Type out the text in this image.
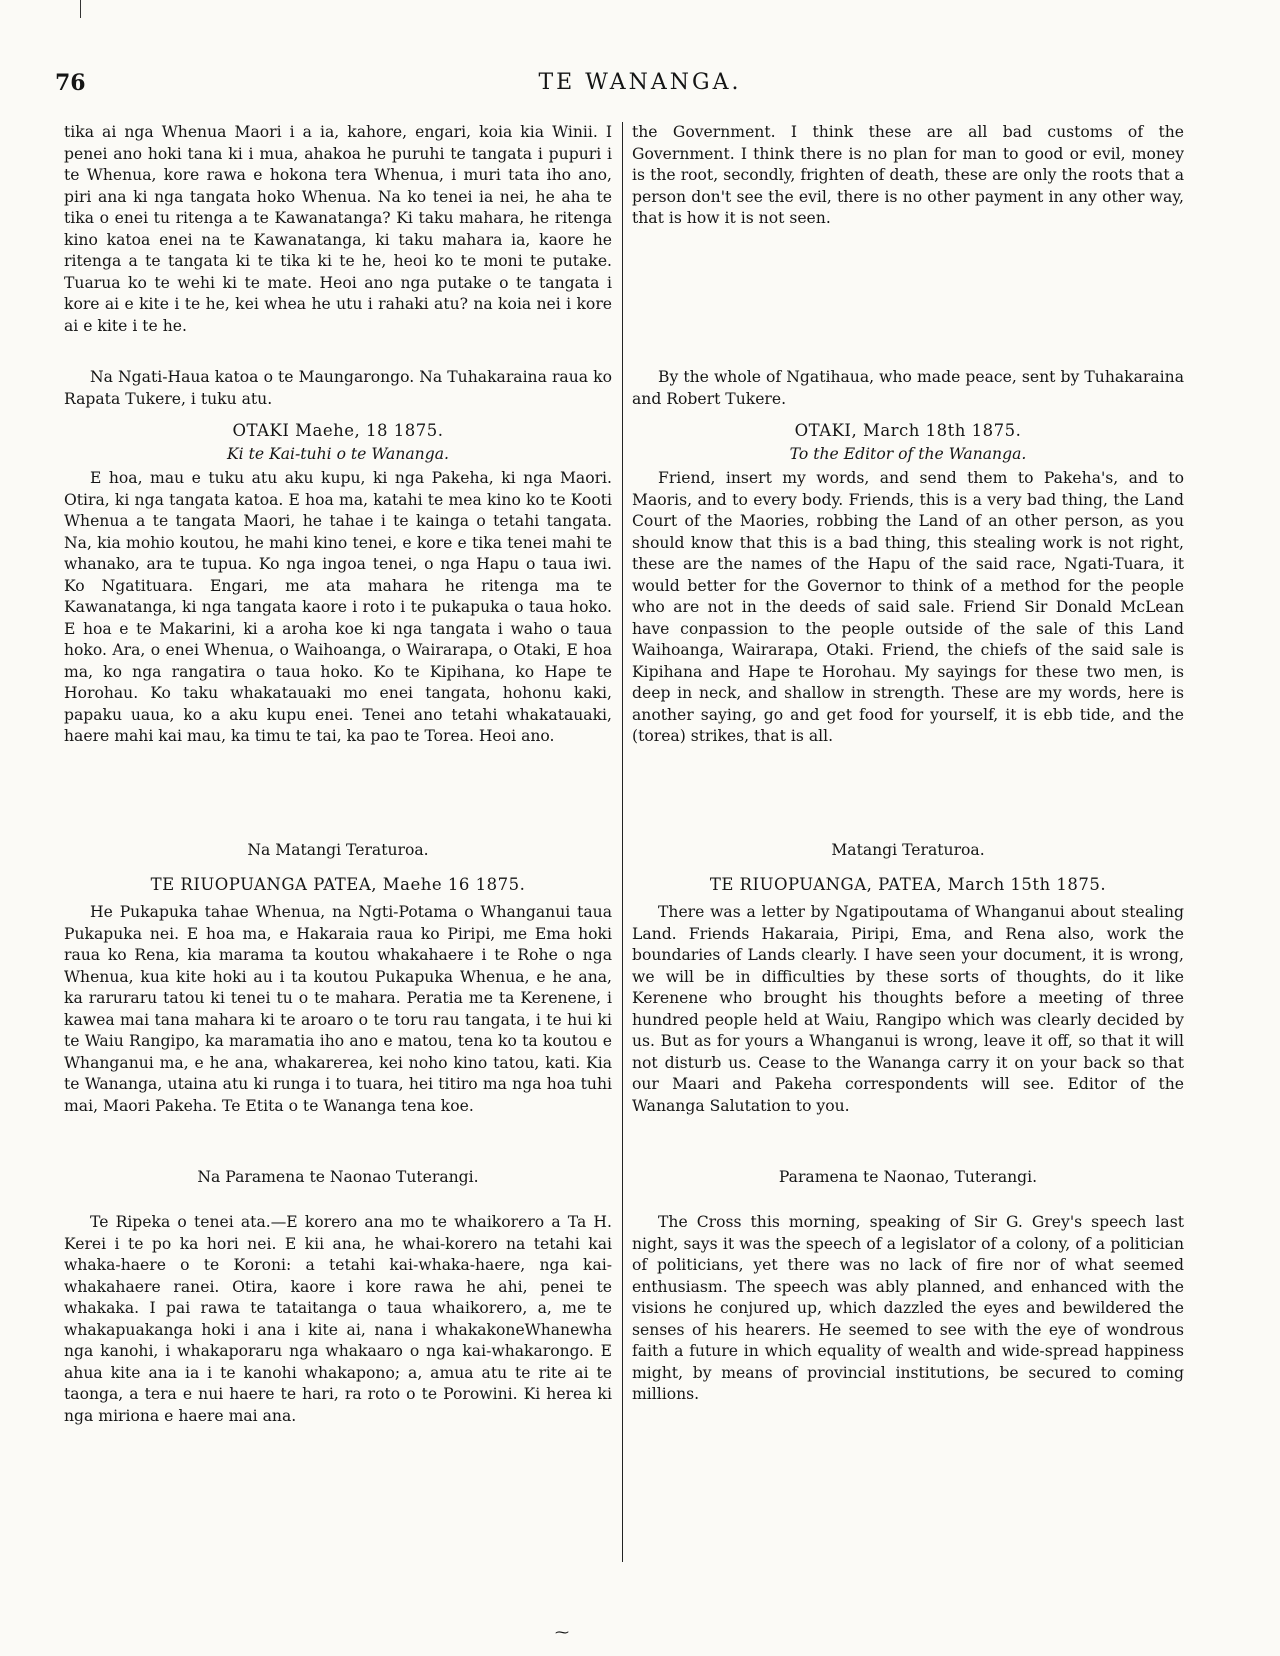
76	TE WANANGA.

tika ai nga Whenua Maori i a ia, kahore, engari, koia kia Winii. I penei ano hoki tana ki i mua, ahakoa he puruhi te tangata i pupuri i te Whenua, kore rawa e hokona tera Whenua, i muri tata iho ano, piri ana ki nga tangata hoko Whenua. Na ko tenei ia nei, he aha te tika o enei tu ritenga a te Kawanatanga? Ki taku mahara, he ritenga kino katoa enei na te Kawanatanga, ki taku mahara ia, kaore he ritenga a te tangata ki te tika ki te he, heoi ko te moni te putake. Tuarua ko te wehi ki te mate. Heoi ano nga putake o te tangata i kore ai e kite i te he, kei whea he utu i rahaki atu? na koia nei i kore ai e kite i te he.

Na Ngati-Haua katoa o te Maungarongo. Na Tuhakaraina raua ko Rapata Tukere, i tuku atu.

OTAKI Maehe, 18 1875.

Ki te Kai-tuhi o te Wananga.

E hoa, mau e tuku atu aku kupu, ki nga Pakeha, ki nga Maori. Otira, ki nga tangata katoa. E hoa ma, katahi te mea kino ko te Kooti Whenua a te tangata Maori, he tahae i te kainga o tetahi tangata. Na, kia mohio koutou, he mahi kino tenei, e kore e tika tenei mahi te whanako, ara te tupua. Ko nga ingoa tenei, o nga Hapu o taua iwi. Ko Ngatituara. Engari, me ata mahara he ritenga ma te Kawanatanga, ki nga tangata kaore i roto i te pukapuka o taua hoko. E hoa e te Makarini, ki a aroha koe ki nga tangata i waho o taua hoko. Ara, o enei Whenua, o Waihoanga, o Wairarapa, o Otaki, E hoa ma, ko nga rangatira o taua hoko. Ko te Kipihana, ko Hape te Horohau. Ko taku whakatauaki mo enei tangata, hohonu kaki, papaku uaua, ko a aku kupu enei. Tenei ano tetahi whakatauaki, haere mahi kai mau, ka timu te tai, ka pao te Torea. Heoi ano.

Na Matangi Teraturoa.

TE RIUOPUANGA PATEA, Maehe 16 1875.

He Pukapuka tahae Whenua, na Ngti-Potama o Whanganui taua Pukapuka nei. E hoa ma, e Hakaraia raua ko Piripi, me Ema hoki raua ko Rena, kia marama ta koutou whakahaere i te Rohe o nga Whenua, kua kite hoki au i ta koutou Pukapuka Whenua, e he ana, ka raruraru tatou ki tenei tu o te mahara. Peratia me ta Kerenene, i kawea mai tana mahara ki te aroaro o te toru rau tangata, i te hui ki te Waiu Rangipo, ka maramatia iho ano e matou, tena ko ta koutou e Whanganui ma, e he ana, whakarerea, kei noho kino tatou, kati. Kia te Wananga, utaina atu ki runga i to tuara, hei titiro ma nga hoa tuhi mai, Maori Pakeha. Te Etita o te Wananga tena koe.

Na Paramena te Naonao Tuterangi.

Te Ripeka o tenei ata.—E korero ana mo te whaikorero a Ta H. Kerei i te po ka hori nei. E kii ana, he whai-korero na tetahi kai whaka-haere o te Koroni: a tetahi kai-whaka-haere, nga kai-whakahaere ranei. Otira, kaore i kore rawa he ahi, penei te whakaka. I pai rawa te tataitanga o taua whaikorero, a, me te whakapuakanga hoki i ana i kite ai, nana i whakakoneWhanewha nga kanohi, i whakaporaru nga whakaaro o nga kai-whakarongo. E ahua kite ana ia i te kanohi whakapono; a, amua atu te rite ai te taonga, a tera e nui haere te hari, ra roto o te Porowini. Ki herea ki nga miriona e haere mai ana.

the Government. I think these are all bad customs of the Government. I think there is no plan for man to good or evil, money is the root, secondly, frighten of death, these are only the roots that a person don't see the evil, there is no other payment in any other way, that is how it is not seen.

By the whole of Ngatihaua, who made peace, sent by Tuhakaraina and Robert Tukere.

OTAKI, March 18th 1875.

To the Editor of the Wananga.

Friend, insert my words, and send them to Pakeha's, and to Maoris, and to every body. Friends, this is a very bad thing, the Land Court of the Maories, robbing the Land of an other person, as you should know that this is a bad thing, this stealing work is not right, these are the names of the Hapu of the said race, Ngati-Tuara, it would better for the Governor to think of a method for the people who are not in the deeds of said sale. Friend Sir Donald McLean have conpassion to the people outside of the sale of this Land Waihoanga, Wairarapa, Otaki. Friend, the chiefs of the said sale is Kipihana and Hape te Horohau. My sayings for these two men, is deep in neck, and shallow in strength. These are my words, here is another saying, go and get food for yourself, it is ebb tide, and the (torea) strikes, that is all.

Matangi Teraturoa.

TE RIUOPUANGA, PATEA, March 15th 1875.

There was a letter by Ngatipoutama of Whanganui about stealing Land. Friends Hakaraia, Piripi, Ema, and Rena also, work the boundaries of Lands clearly. I have seen your document, it is wrong, we will be in difficulties by these sorts of thoughts, do it like Kerenene who brought his thoughts before a meeting of three hundred people held at Waiu, Rangipo which was clearly decided by us. But as for yours a Whanganui is wrong, leave it off, so that it will not disturb us. Cease to the Wananga carry it on your back so that our Maari and Pakeha correspondents will see. Editor of the Wananga Salutation to you.

Paramena te Naonao, Tuterangi.

The Cross this morning, speaking of Sir G. Grey's speech last night, says it was the speech of a legislator of a colony, of a politician of politicians, yet there was no lack of fire nor of what seemed enthusiasm. The speech was ably planned, and enhanced with the visions he conjured up, which dazzled the eyes and bewildered the senses of his hearers. He seemed to see with the eye of wondrous faith a future in which equality of wealth and wide-spread happiness might, by means of provincial institutions, be secured to coming millions.

⁓
